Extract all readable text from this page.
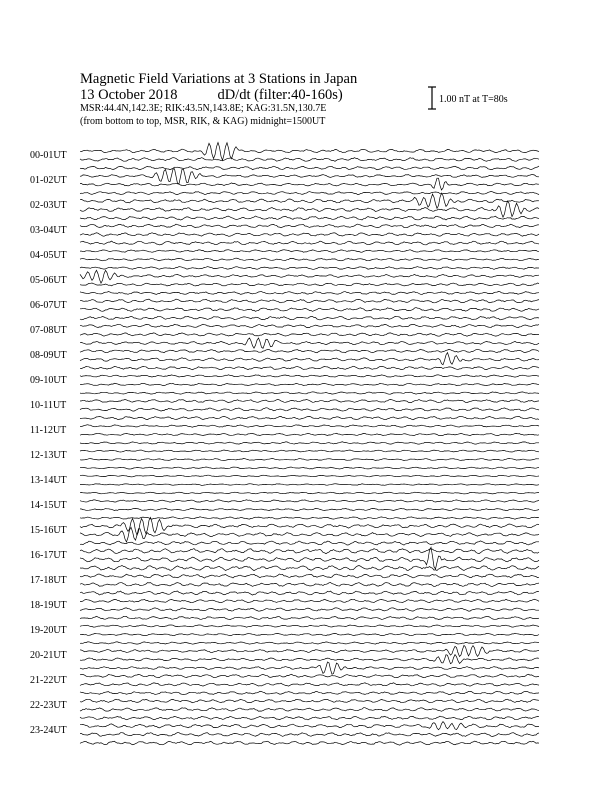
Magnetic Field Variations at 3 Stations in Japan
13 October 2018	dD/dt (filter:40-160s)
MSR:44.4N,142.3E; RIK:43.5N,143.8E; KAG:31.5N,130.7E
(from bottom to top, MSR, RIK, & KAG) midnight=1500UT
1.00 nT at T=80s
00-01UT
01-02UT
02-03UT
03-04UT
04-05UT
05-06UT
06-07UT
07-08UT
08-09UT
09-10UT
10-11UT
11-12UT
12-13UT
13-14UT
14-15UT
15-16UT
16-17UT
17-18UT
18-19UT
19-20UT
20-21UT
21-22UT
22-23UT
23-24UT
